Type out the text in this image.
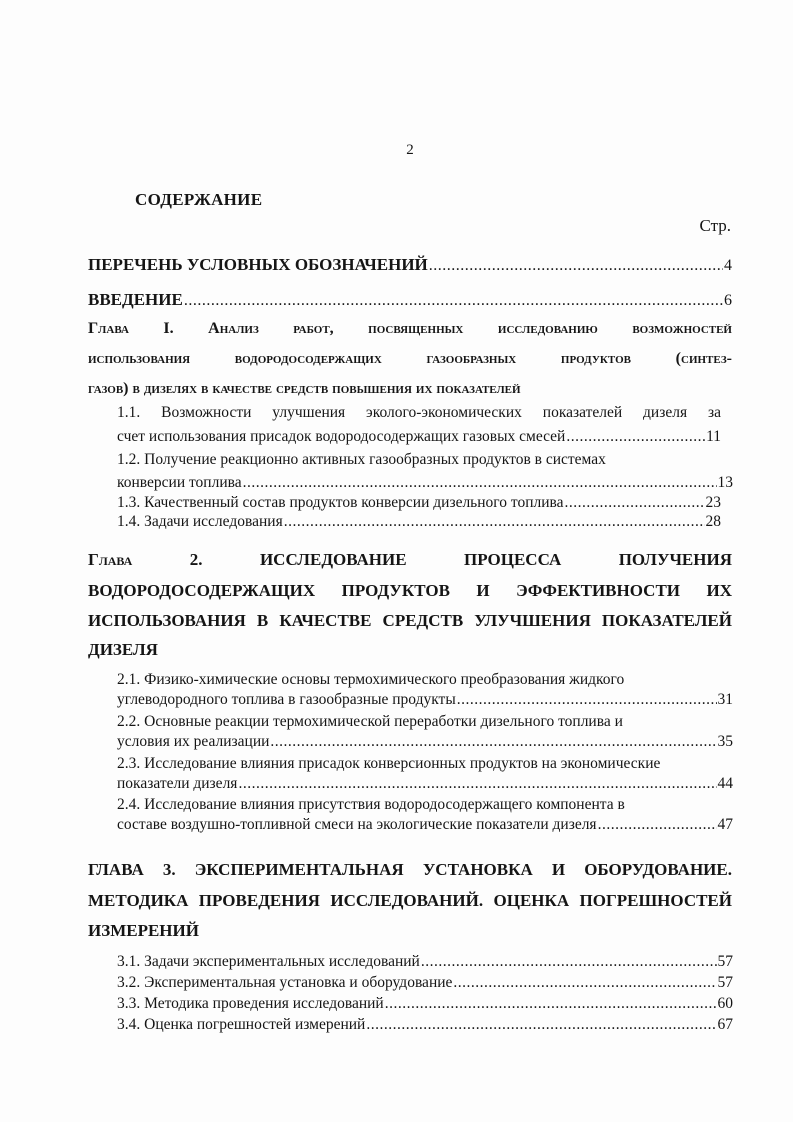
2
СОДЕРЖАНИЕ
Стр.
ПЕРЕЧЕНЬ УСЛОВНЫХ ОБОЗНАЧЕНИЙ .....	4
ВВЕДЕНИЕ .....	6
Глава I. Анализ работ, посвященных исследованию возможностей
использования водородосодержащих газообразных продуктов (синтез-
газов) в дизелях в качестве средств повышения их показателей
1.1. Возможности улучшения эколого-экономических показателей дизеля за
счет использования присадок водородосодержащих газовых смесей .....	11
1.2. Получение реакционно активных газообразных продуктов в системах
конверсии топлива .....	13
1.3. Качественный состав продуктов конверсии дизельного топлива .....	23
1.4. Задачи исследования .....	28
Глава 2. ИССЛЕДОВАНИЕ ПРОЦЕССА ПОЛУЧЕНИЯ
ВОДОРОДОСОДЕРЖАЩИХ ПРОДУКТОВ И ЭФФЕКТИВНОСТИ ИХ
ИСПОЛЬЗОВАНИЯ В КАЧЕСТВЕ СРЕДСТВ УЛУЧШЕНИЯ ПОКАЗАТЕЛЕЙ
ДИЗЕЛЯ
2.1. Физико-химические основы термохимического преобразования жидкого
углеводородного топлива в газообразные продукты .....	31
2.2. Основные реакции термохимической переработки дизельного топлива и
условия их реализации .....	35
2.3. Исследование влияния присадок конверсионных продуктов на экономические
показатели дизеля .....	44
2.4. Исследование влияния присутствия водородосодержащего компонента в
составе воздушно-топливной смеси на экологические показатели дизеля .....	47
ГЛАВА 3. ЭКСПЕРИМЕНТАЛЬНАЯ УСТАНОВКА И ОБОРУДОВАНИЕ.
МЕТОДИКА ПРОВЕДЕНИЯ ИССЛЕДОВАНИЙ. ОЦЕНКА ПОГРЕШНОСТЕЙ
ИЗМЕРЕНИЙ
3.1. Задачи экспериментальных исследований .....	57
3.2. Экспериментальная установка и оборудование .....	57
3.3. Методика проведения исследований .....	60
3.4. Оценка погрешностей измерений .....	67
